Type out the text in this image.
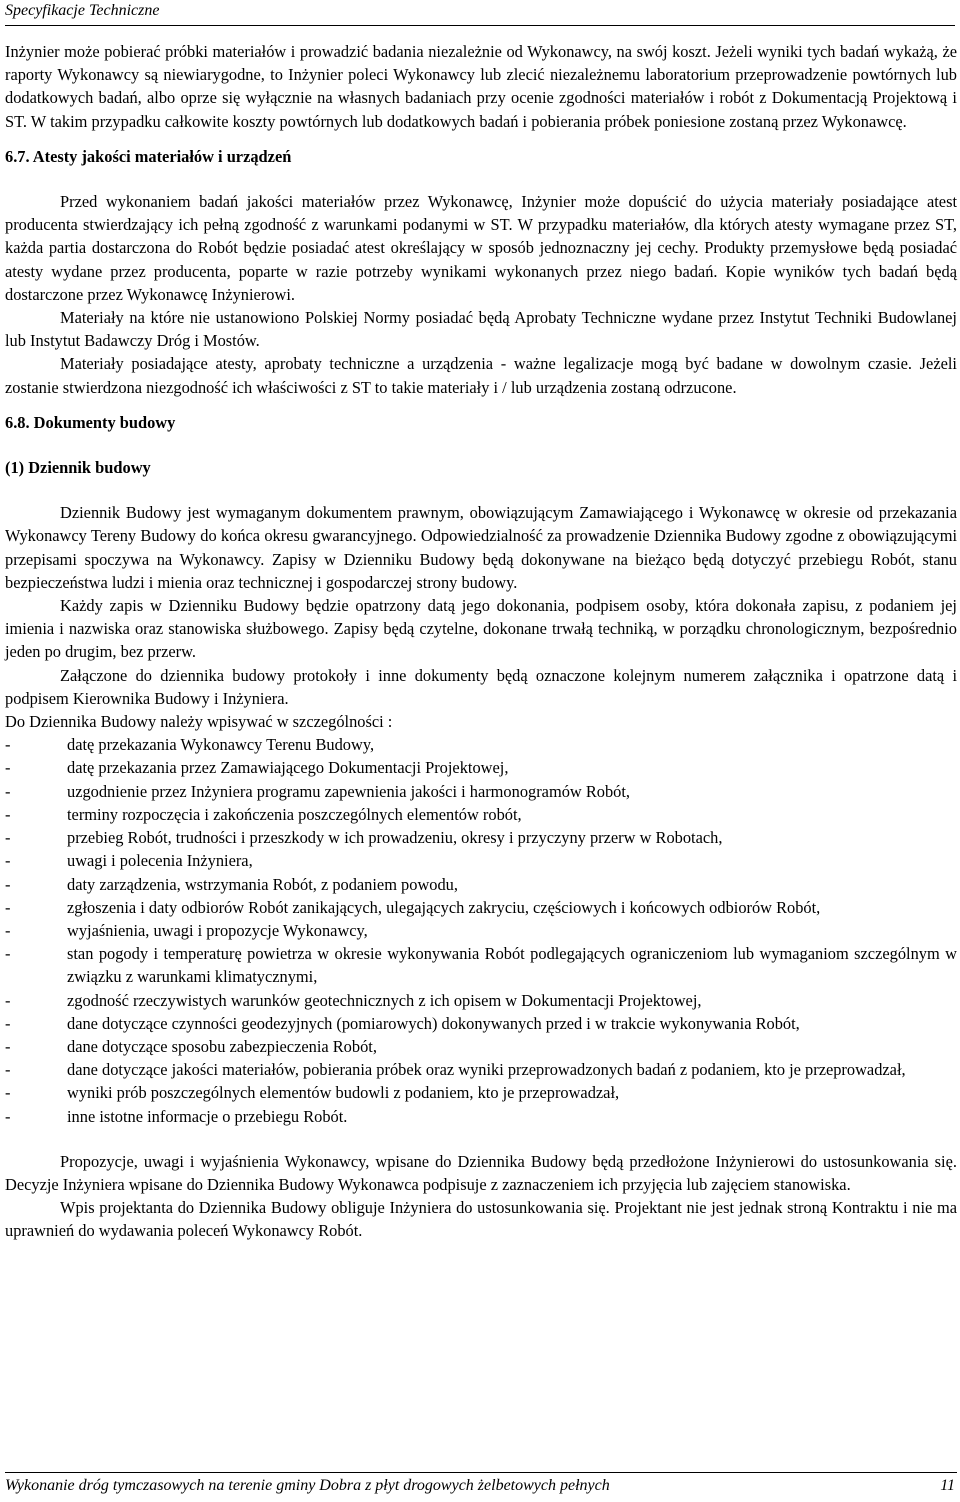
Specyfikacje Techniczne

Inżynier może pobierać próbki materiałów i prowadzić badania niezależnie od Wykonawcy, na swój koszt. Jeżeli wyniki tych badań wykażą, że raporty Wykonawcy są niewiarygodne, to Inżynier poleci Wykonawcy lub zlecić niezależnemu laboratorium przeprowadzenie powtórnych lub dodatkowych badań, albo oprze się wyłącznie na własnych badaniach przy ocenie zgodności materiałów i robót z Dokumentacją Projektową i ST. W takim przypadku całkowite koszty powtórnych lub dodatkowych badań i pobierania próbek poniesione zostaną przez Wykonawcę.

6.7. Atesty jakości materiałów i urządzeń

Przed wykonaniem badań jakości materiałów przez Wykonawcę, Inżynier może dopuścić do użycia materiały posiadające atest producenta stwierdzający ich pełną zgodność z warunkami podanymi w ST. W przypadku materiałów, dla których atesty wymagane przez ST, każda partia dostarczona do Robót będzie posiadać atest określający w sposób jednoznaczny jej cechy. Produkty przemysłowe będą posiadać atesty wydane przez producenta, poparte w razie potrzeby wynikami wykonanych przez niego badań. Kopie wyników tych badań będą dostarczone przez Wykonawcę Inżynierowi.

Materiały na które nie ustanowiono Polskiej Normy posiadać będą Aprobaty Techniczne wydane przez Instytut Techniki Budowlanej lub Instytut Badawczy Dróg i Mostów.

Materiały posiadające atesty, aprobaty techniczne a urządzenia - ważne legalizacje mogą być badane w dowolnym czasie. Jeżeli zostanie stwierdzona niezgodność ich właściwości z ST to takie materiały i / lub urządzenia zostaną odrzucone.

6.8. Dokumenty budowy

(1) Dziennik budowy

Dziennik Budowy jest wymaganym dokumentem prawnym, obowiązującym Zamawiającego i Wykonawcę w okresie od przekazania Wykonawcy Tereny Budowy do końca okresu gwarancyjnego. Odpowiedzialność za prowadzenie Dziennika Budowy zgodne z obowiązującymi przepisami spoczywa na Wykonawcy. Zapisy w Dzienniku Budowy będą dokonywane na bieżąco będą dotyczyć przebiegu Robót, stanu bezpieczeństwa ludzi i mienia oraz technicznej i gospodarczej strony budowy.

Każdy zapis w Dzienniku Budowy będzie opatrzony datą jego dokonania, podpisem osoby, która dokonała zapisu, z podaniem jej imienia i nazwiska oraz stanowiska służbowego. Zapisy będą czytelne, dokonane trwałą techniką, w porządku chronologicznym, bezpośrednio jeden po drugim, bez przerw.

Załączone do dziennika budowy protokoły i inne dokumenty będą oznaczone kolejnym numerem załącznika i opatrzone datą i podpisem Kierownika Budowy i Inżyniera.

Do Dziennika Budowy należy wpisywać w szczególności :

-	datę przekazania Wykonawcy Terenu Budowy,
-	datę przekazania przez Zamawiającego Dokumentacji Projektowej,
-	uzgodnienie przez Inżyniera programu zapewnienia jakości i harmonogramów Robót,
-	terminy rozpoczęcia i zakończenia poszczególnych elementów robót,
-	przebieg Robót, trudności i przeszkody w ich prowadzeniu, okresy i przyczyny przerw w Robotach,
-	uwagi i polecenia Inżyniera,
-	daty zarządzenia, wstrzymania Robót, z podaniem powodu,
-	zgłoszenia i daty odbiorów Robót zanikających, ulegających zakryciu, częściowych i końcowych odbiorów Robót,
-	wyjaśnienia, uwagi i propozycje Wykonawcy,
-	stan pogody i temperaturę powietrza w okresie wykonywania Robót podlegających ograniczeniom lub wymaganiom szczególnym w związku z warunkami klimatycznymi,
-	zgodność rzeczywistych warunków geotechnicznych z ich opisem w Dokumentacji Projektowej,
-	dane dotyczące czynności geodezyjnych (pomiarowych) dokonywanych przed i w trakcie wykonywania Robót,
-	dane dotyczące sposobu zabezpieczenia Robót,
-	dane dotyczące jakości materiałów, pobierania próbek oraz wyniki przeprowadzonych badań z podaniem, kto je przeprowadzał,
-	wyniki prób poszczególnych elementów budowli z podaniem, kto je przeprowadzał,
-	inne istotne informacje o przebiegu Robót.

Propozycje, uwagi i wyjaśnienia Wykonawcy, wpisane do Dziennika Budowy będą przedłożone Inżynierowi do ustosunkowania się. Decyzje Inżyniera wpisane do Dziennika Budowy Wykonawca podpisuje z zaznaczeniem ich przyjęcia lub zajęciem stanowiska.

Wpis projektanta do Dziennika Budowy obliguje Inżyniera do ustosunkowania się. Projektant nie jest jednak stroną Kontraktu i nie ma uprawnień do wydawania poleceń Wykonawcy Robót.

Wykonanie dróg tymczasowych na terenie gminy Dobra z płyt drogowych żelbetowych pełnych	11
